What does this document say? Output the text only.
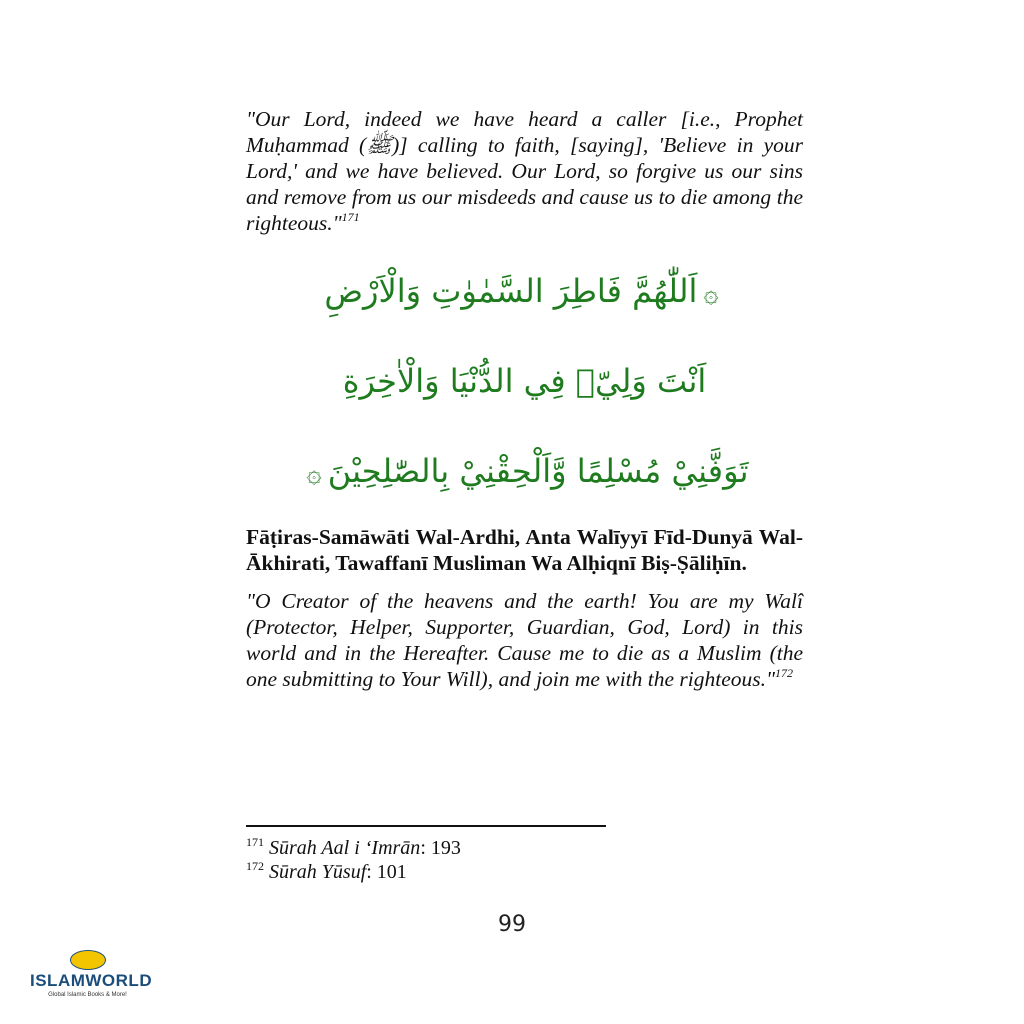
"Our Lord, indeed we have heard a caller [i.e., Prophet Muḥammad (ﷺ)] calling to faith, [saying], 'Believe in your Lord,' and we have believed. Our Lord, so forgive us our sins and remove from us our misdeeds and cause us to die among the righteous."$^{171}$

۞اَللّٰهُمَّ فَاطِرَ السَّمٰوٰتِ وَالْاَرْضِ
اَنْتَ وَلِيّٖ فِي الدُّنْيَا وَالْاٰخِرَةِ
تَوَفَّنِيْ مُسْلِمًا وَّاَلْحِقْنِيْ بِالصّٰلِحِيْنَ۞

Fāṭiras-Samāwāti Wal-Ardhi, Anta Walīyyī Fīd-Dunyā Wal-Ākhirati, Tawaffanī Musliman Wa Alḥiqnī Biṣ-Ṣāliḥīn.

"O Creator of the heavens and the earth! You are my Walî (Protector, Helper, Supporter, Guardian, God, Lord) in this world and in the Hereafter. Cause me to die as a Muslim (the one submitting to Your Will), and join me with the righteous."$^{172}$

$^{171}$ Sūrah Aal i ʻImrān: 193
$^{172}$ Sūrah Yūsuf: 101
99
ISLAMWORLD
Global Islamic Books & More!
